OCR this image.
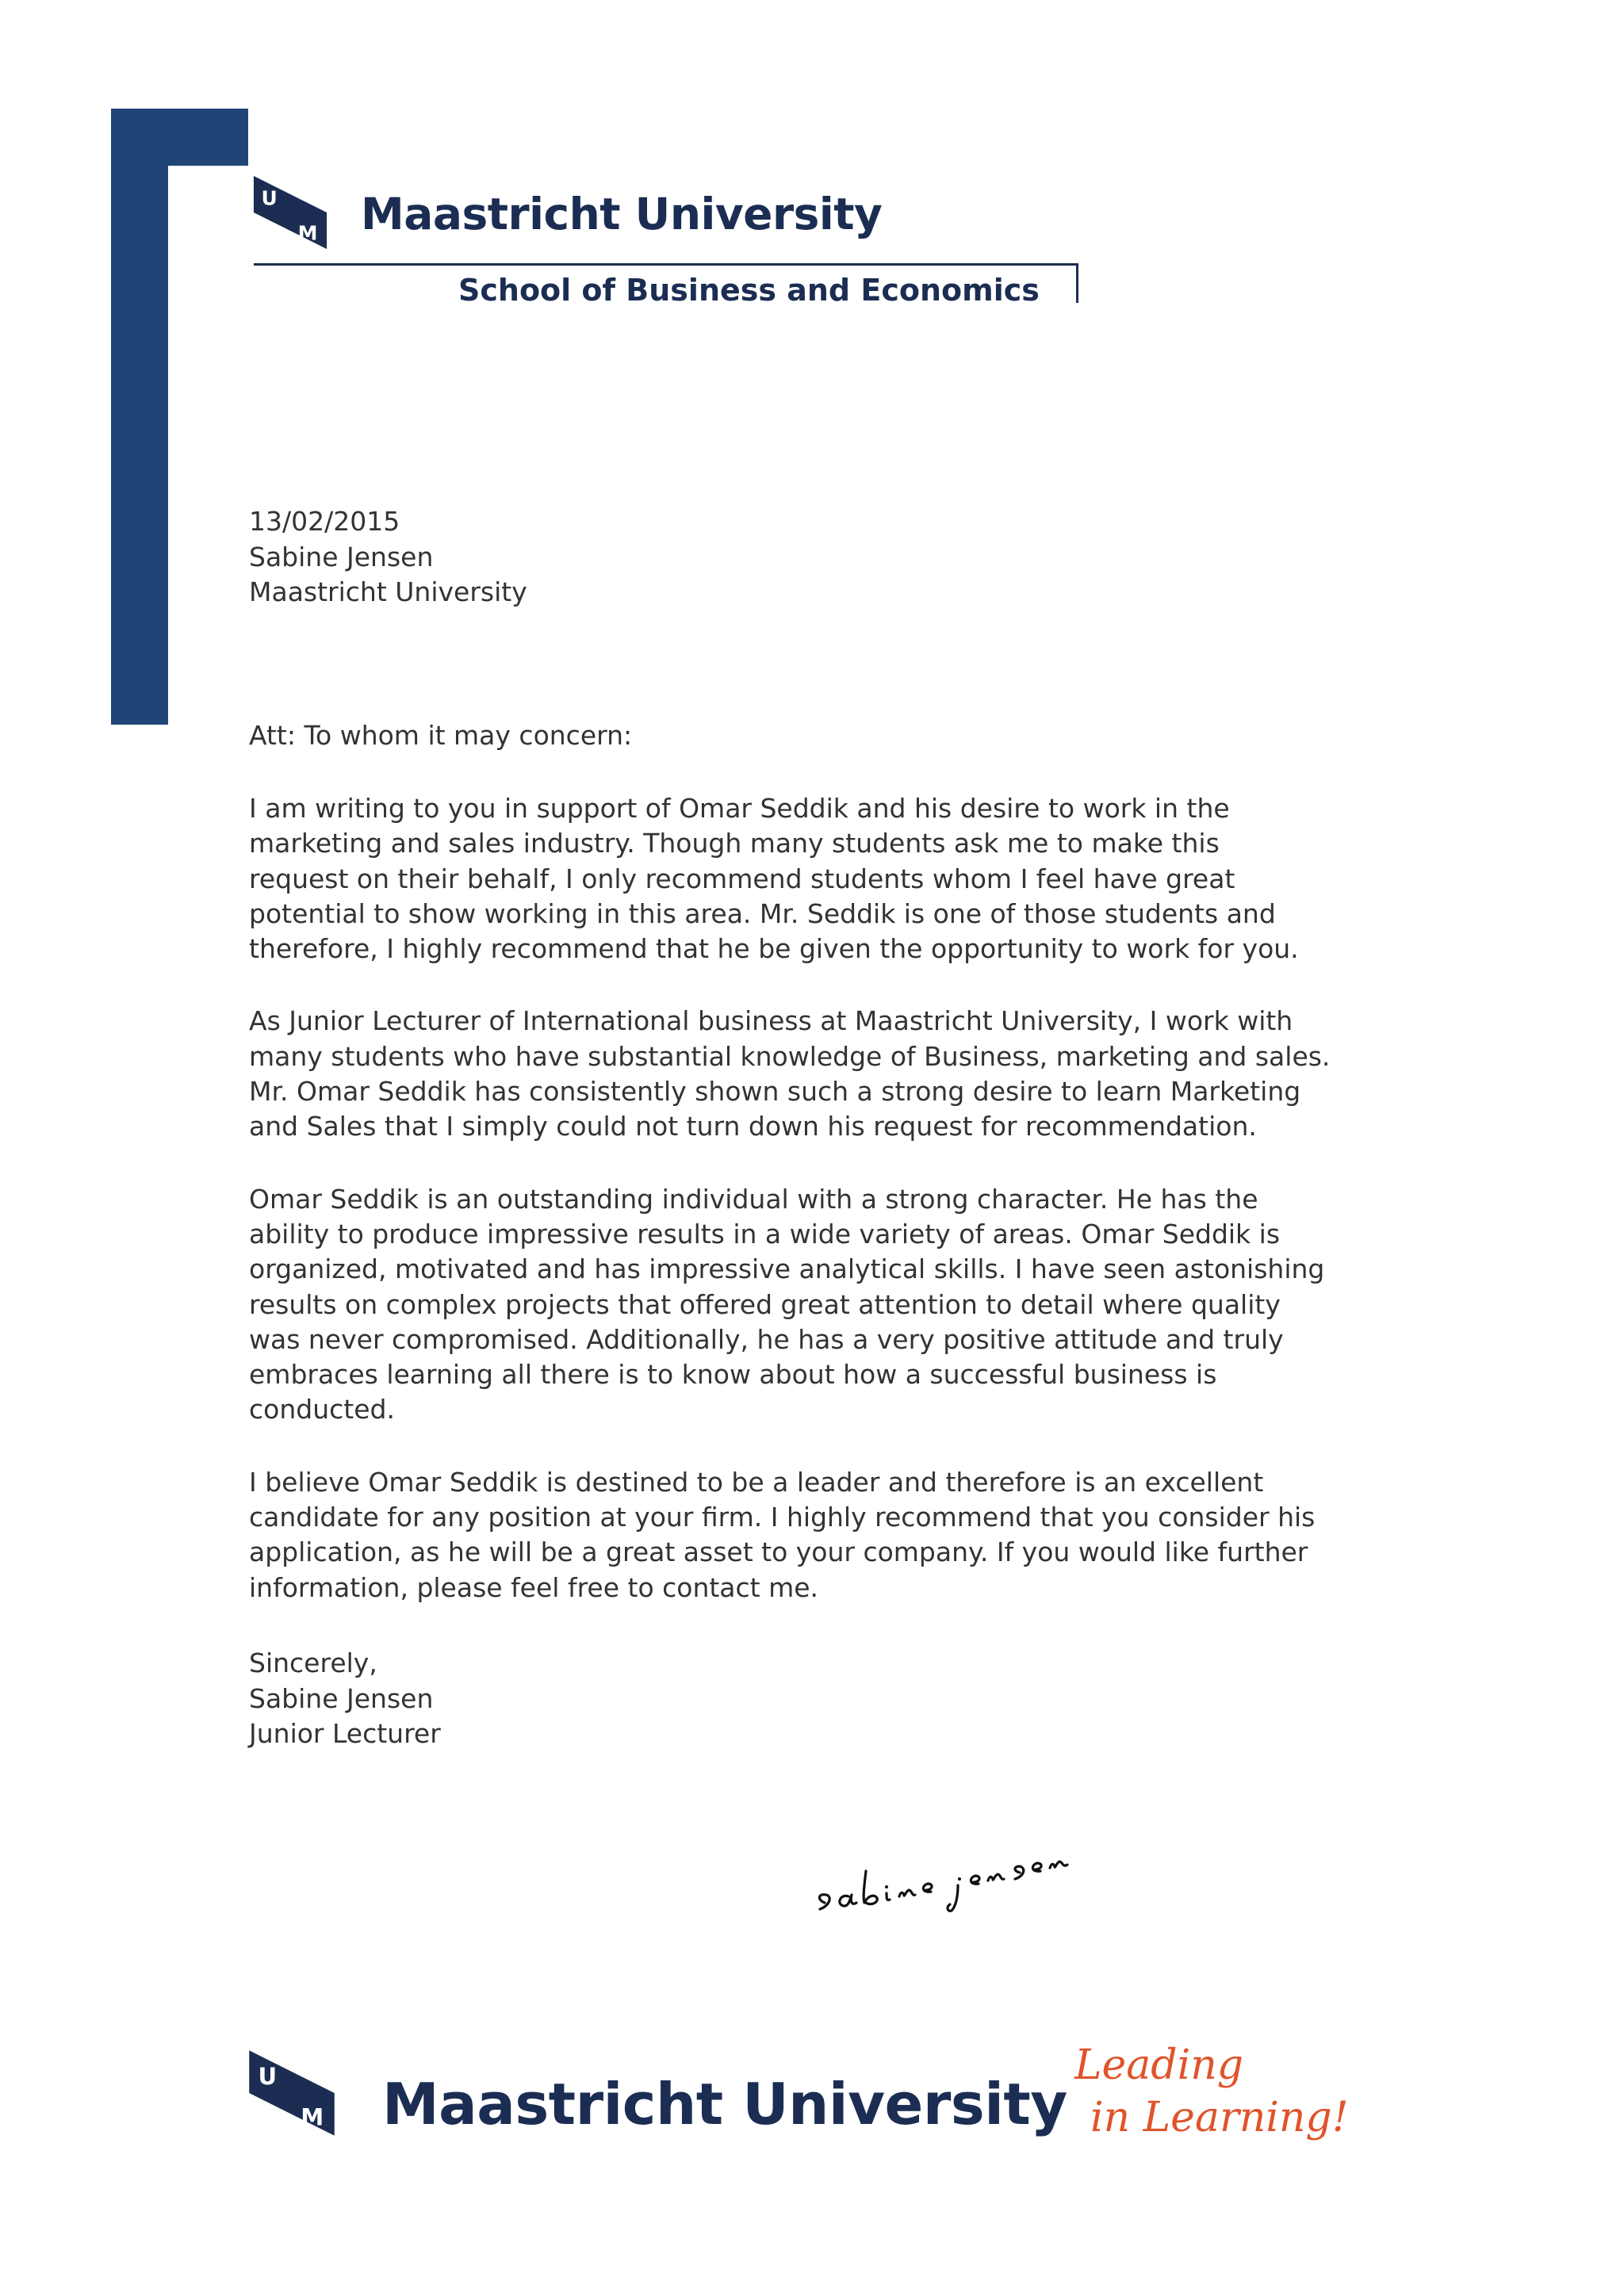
U
M Maastricht University
School of Business and Economics
13/02/2015
Sabine Jensen
Maastricht University
Att: To whom it may concern:
I am writing to you in support of Omar Seddik and his desire to work in the
marketing and sales industry. Though many students ask me to make this
request on their behalf, I only recommend students whom I feel have great
potential to show working in this area. Mr. Seddik is one of those students and
therefore, I highly recommend that he be given the opportunity to work for you.
As Junior Lecturer of International business at Maastricht University, I work with
many students who have substantial knowledge of Business, marketing and sales.
Mr. Omar Seddik has consistently shown such a strong desire to learn Marketing
and Sales that I simply could not turn down his request for recommendation.
Omar Seddik is an outstanding individual with a strong character. He has the
ability to produce impressive results in a wide variety of areas. Omar Seddik is
organized, motivated and has impressive analytical skills. I have seen astonishing
results on complex projects that offered great attention to detail where quality
was never compromised. Additionally, he has a very positive attitude and truly
embraces learning all there is to know about how a successful business is
conducted.
I believe Omar Seddik is destined to be a leader and therefore is an excellent
candidate for any position at your firm. I highly recommend that you consider his
application, as he will be a great asset to your company. If you would like further
information, please feel free to contact me.
Sincerely,
Sabine Jensen
Junior Lecturer
U
M Maastricht University
Leading
in Learning!
